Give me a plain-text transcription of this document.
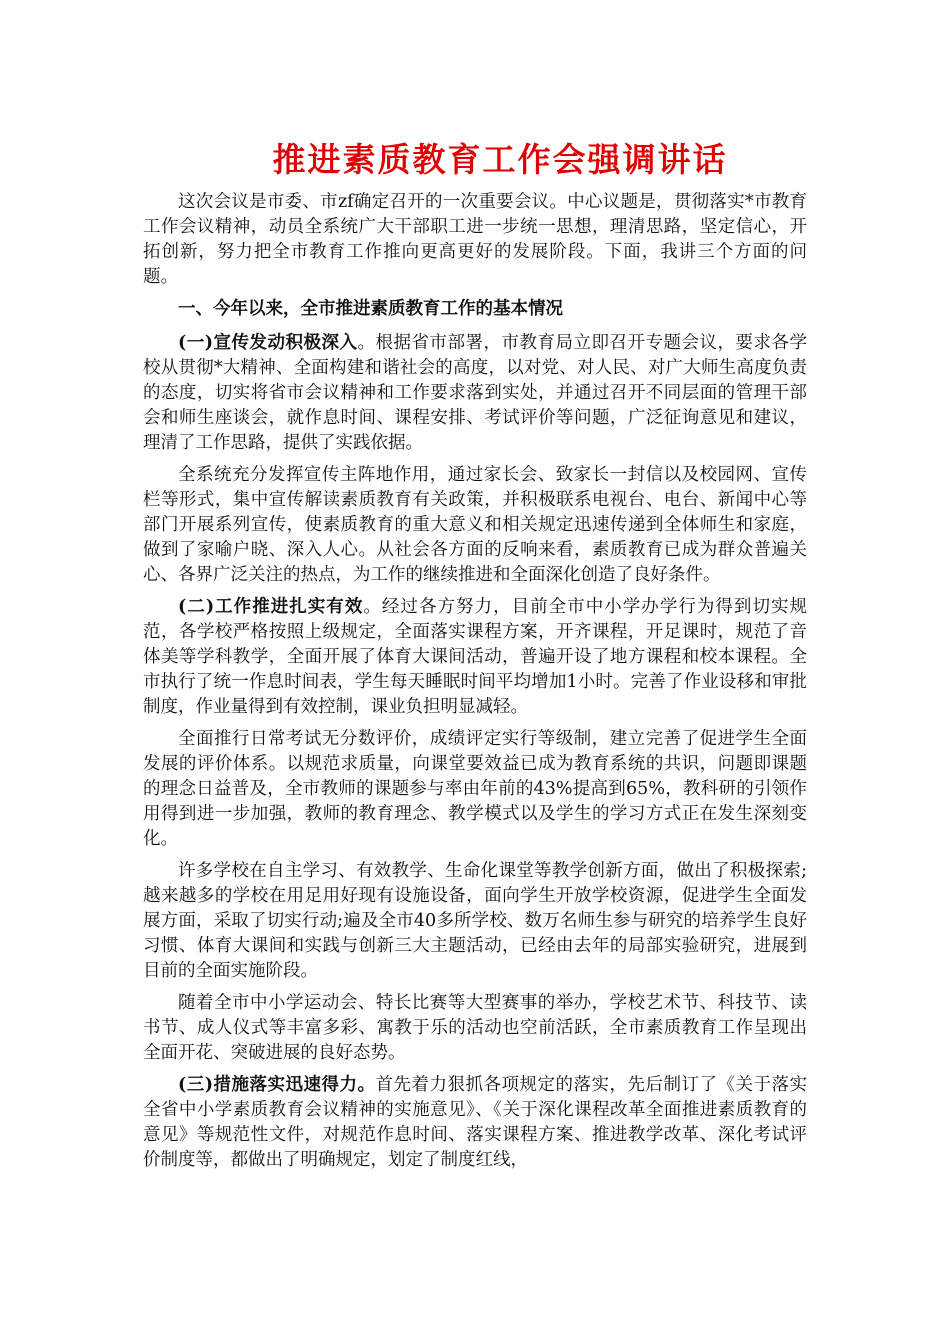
推进素质教育工作会强调讲话

这次会议是市委、市zf确定召开的一次重要会议。中心议题是，贯彻落实*市教育工作会议精神，动员全系统广大干部职工进一步统一思想，理清思路，坚定信心，开拓创新，努力把全市教育工作推向更高更好的发展阶段。下面，我讲三个方面的问题。

一、今年以来，全市推进素质教育工作的基本情况

(一)宣传发动积极深入。根据省市部署，市教育局立即召开专题会议，要求各学校从贯彻*大精神、全面构建和谐社会的高度，以对党、对人民、对广大师生高度负责的态度，切实将省市会议精神和工作要求落到实处，并通过召开不同层面的管理干部会和师生座谈会，就作息时间、课程安排、考试评价等问题，广泛征询意见和建议，理清了工作思路，提供了实践依据。

全系统充分发挥宣传主阵地作用，通过家长会、致家长一封信以及校园网、宣传栏等形式，集中宣传解读素质教育有关政策，并积极联系电视台、电台、新闻中心等部门开展系列宣传，使素质教育的重大意义和相关规定迅速传递到全体师生和家庭，做到了家喻户晓、深入人心。从社会各方面的反响来看，素质教育已成为群众普遍关心、各界广泛关注的热点，为工作的继续推进和全面深化创造了良好条件。

(二)工作推进扎实有效。经过各方努力，目前全市中小学办学行为得到切实规范，各学校严格按照上级规定，全面落实课程方案，开齐课程，开足课时，规范了音体美等学科教学，全面开展了体育大课间活动，普遍开设了地方课程和校本课程。全市执行了统一作息时间表，学生每天睡眠时间平均增加1小时。完善了作业设移和审批制度，作业量得到有效控制，课业负担明显减轻。

全面推行日常考试无分数评价，成绩评定实行等级制，建立完善了促进学生全面发展的评价体系。以规范求质量，向课堂要效益已成为教育系统的共识，问题即课题的理念日益普及，全市教师的课题参与率由年前的43%提高到65%，教科研的引领作用得到进一步加强，教师的教育理念、教学模式以及学生的学习方式正在发生深刻变化。

许多学校在自主学习、有效教学、生命化课堂等教学创新方面，做出了积极探索;越来越多的学校在用足用好现有设施设备，面向学生开放学校资源，促进学生全面发展方面，采取了切实行动;遍及全市40多所学校、数万名师生参与研究的培养学生良好习惯、体育大课间和实践与创新三大主题活动，已经由去年的局部实验研究，进展到目前的全面实施阶段。

随着全市中小学运动会、特长比赛等大型赛事的举办，学校艺术节、科技节、读书节、成人仪式等丰富多彩、寓教于乐的活动也空前活跃，全市素质教育工作呈现出全面开花、突破进展的良好态势。

(三)措施落实迅速得力。首先着力狠抓各项规定的落实，先后制订了《关于落实全省中小学素质教育会议精神的实施意见》、《关于深化课程改革全面推进素质教育的意见》等规范性文件，对规范作息时间、落实课程方案、推进教学改革、深化考试评价制度等，都做出了明确规定，划定了制度红线，
